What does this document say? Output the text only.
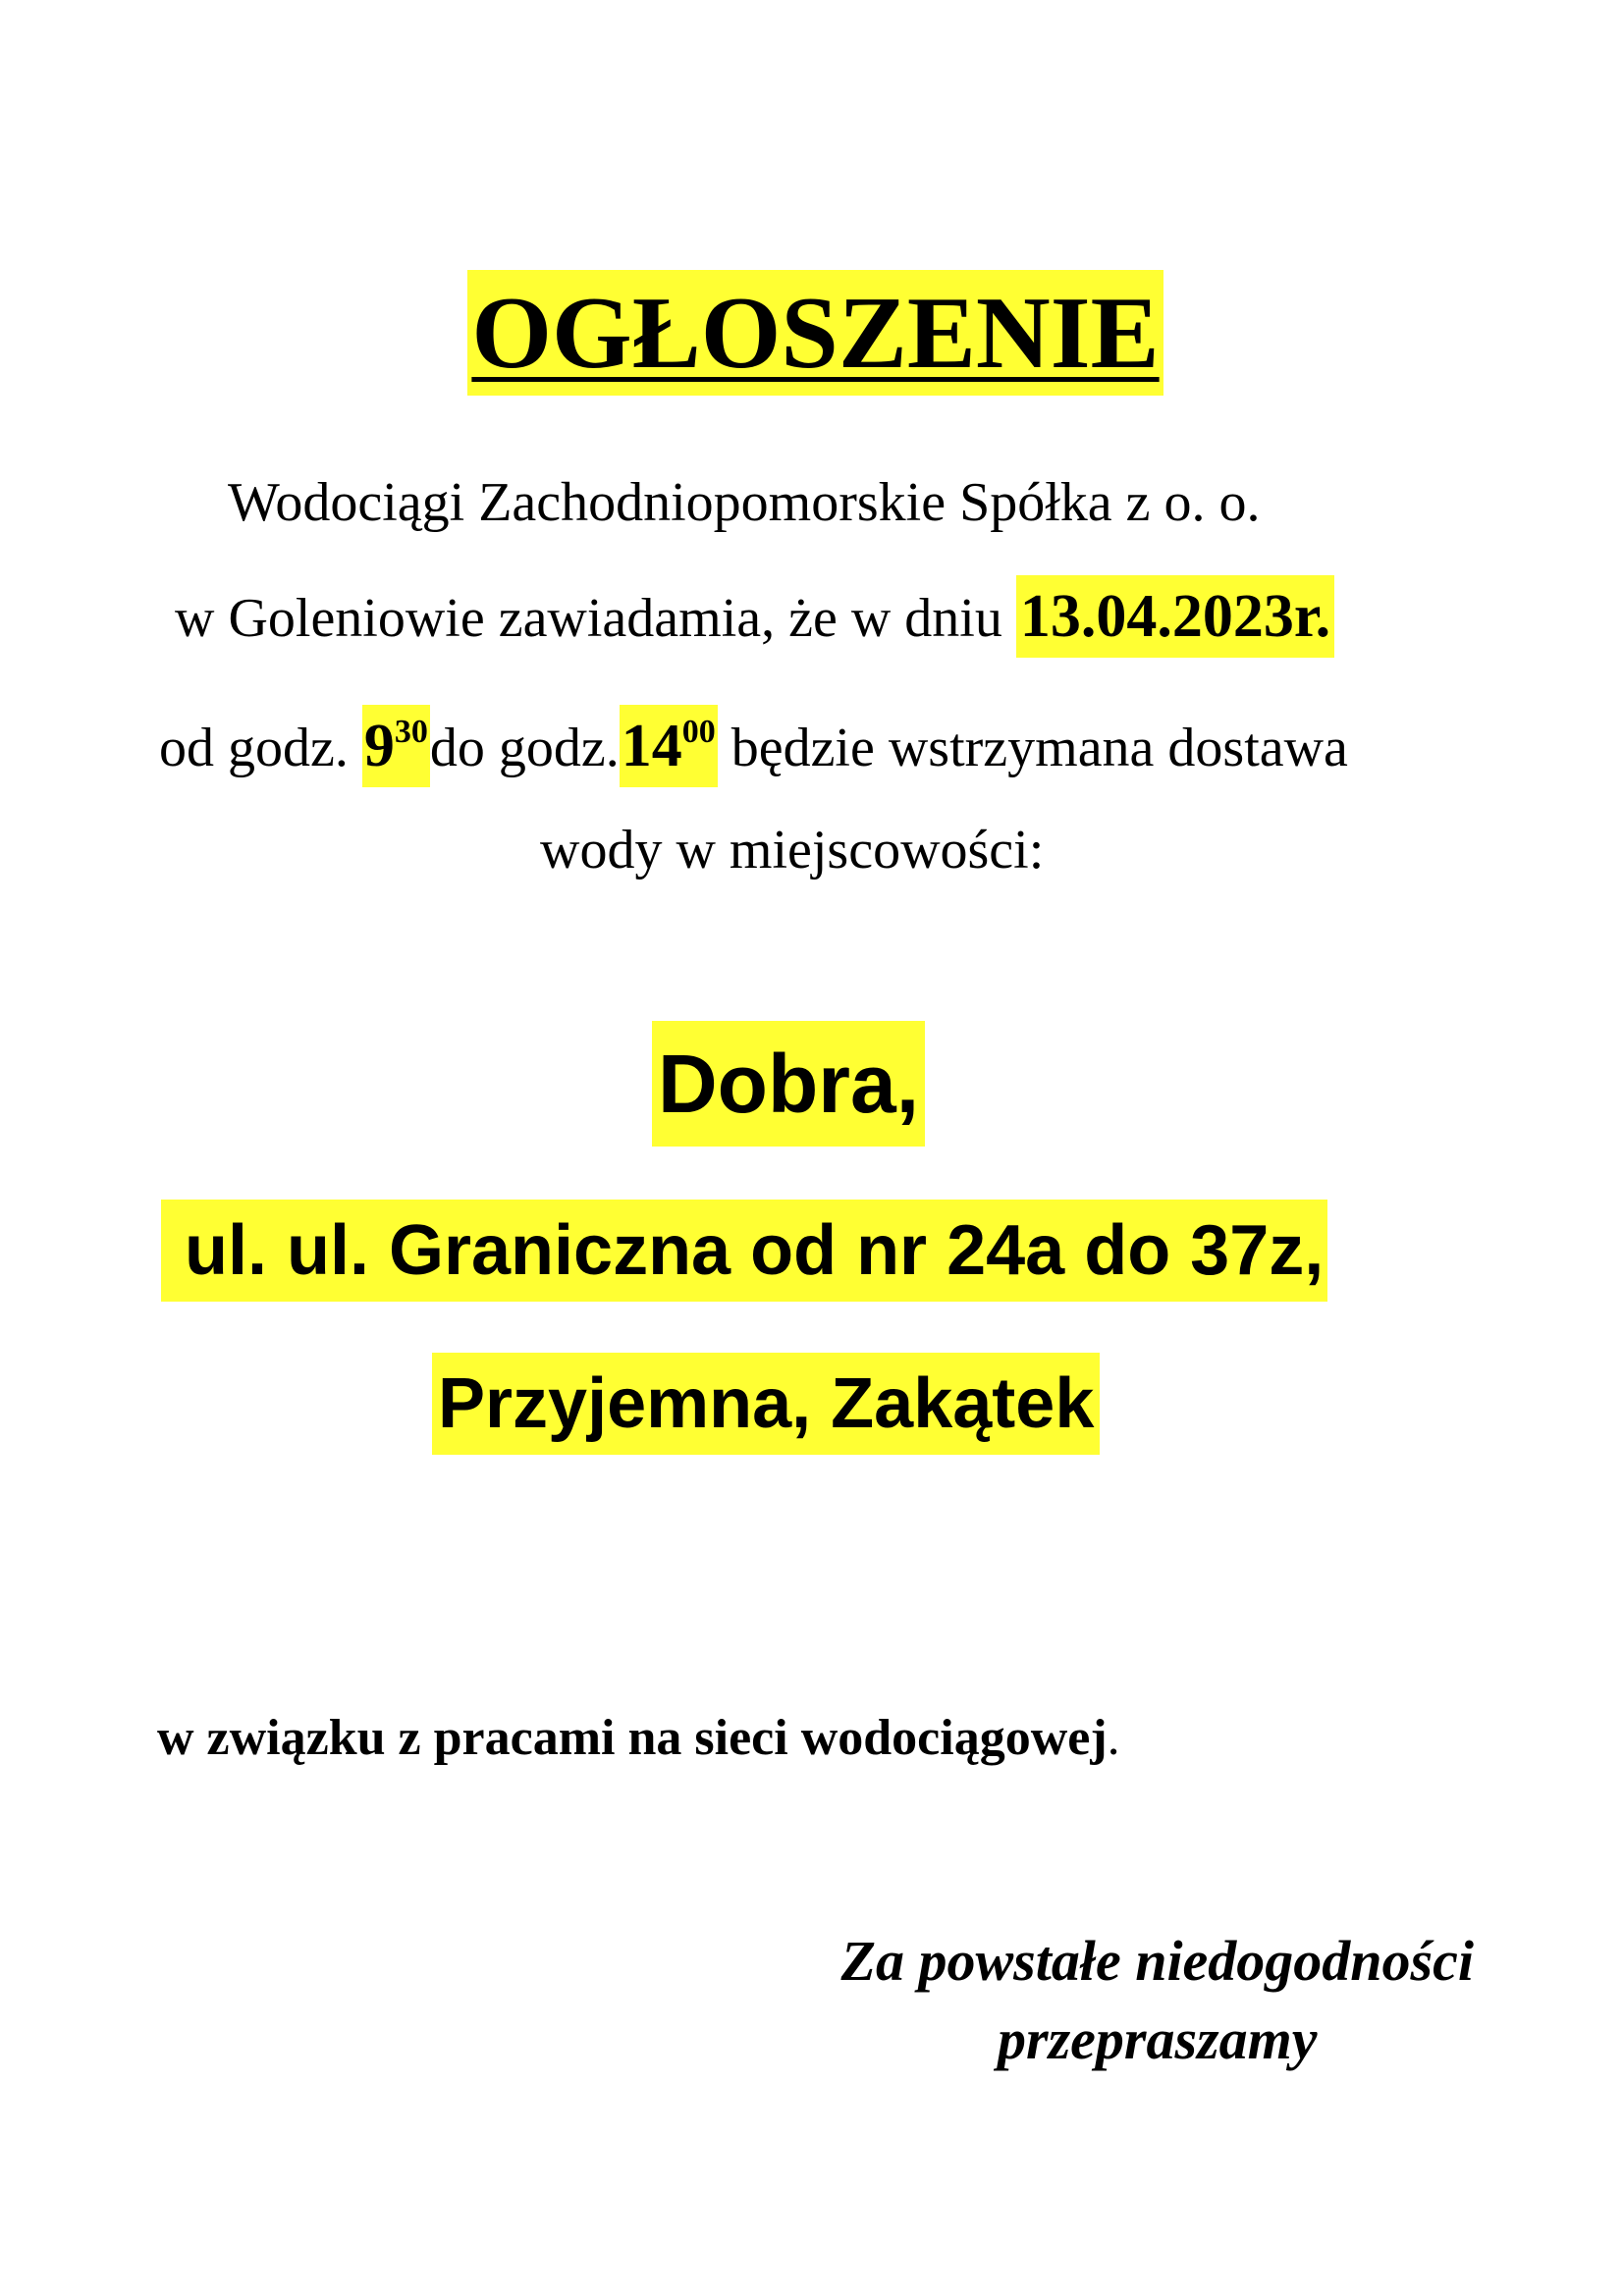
OGŁOSZENIE
Wodociągi Zachodniopomorskie Spółka z o. o.
w Goleniowie zawiadamia, że w dniu 13.04.2023r.
od godz. $9^{30}do$ $godz.14^{00}$ będzie wstrzymana dostawa
wody w miejscowości:
Dobra,
ul. ul. Graniczna od nr 24a do 37z,
Przyjemna, Zakątek
w związku z pracami na sieci wodociągowej.
Za powstałe niedogodności
przepraszamy
